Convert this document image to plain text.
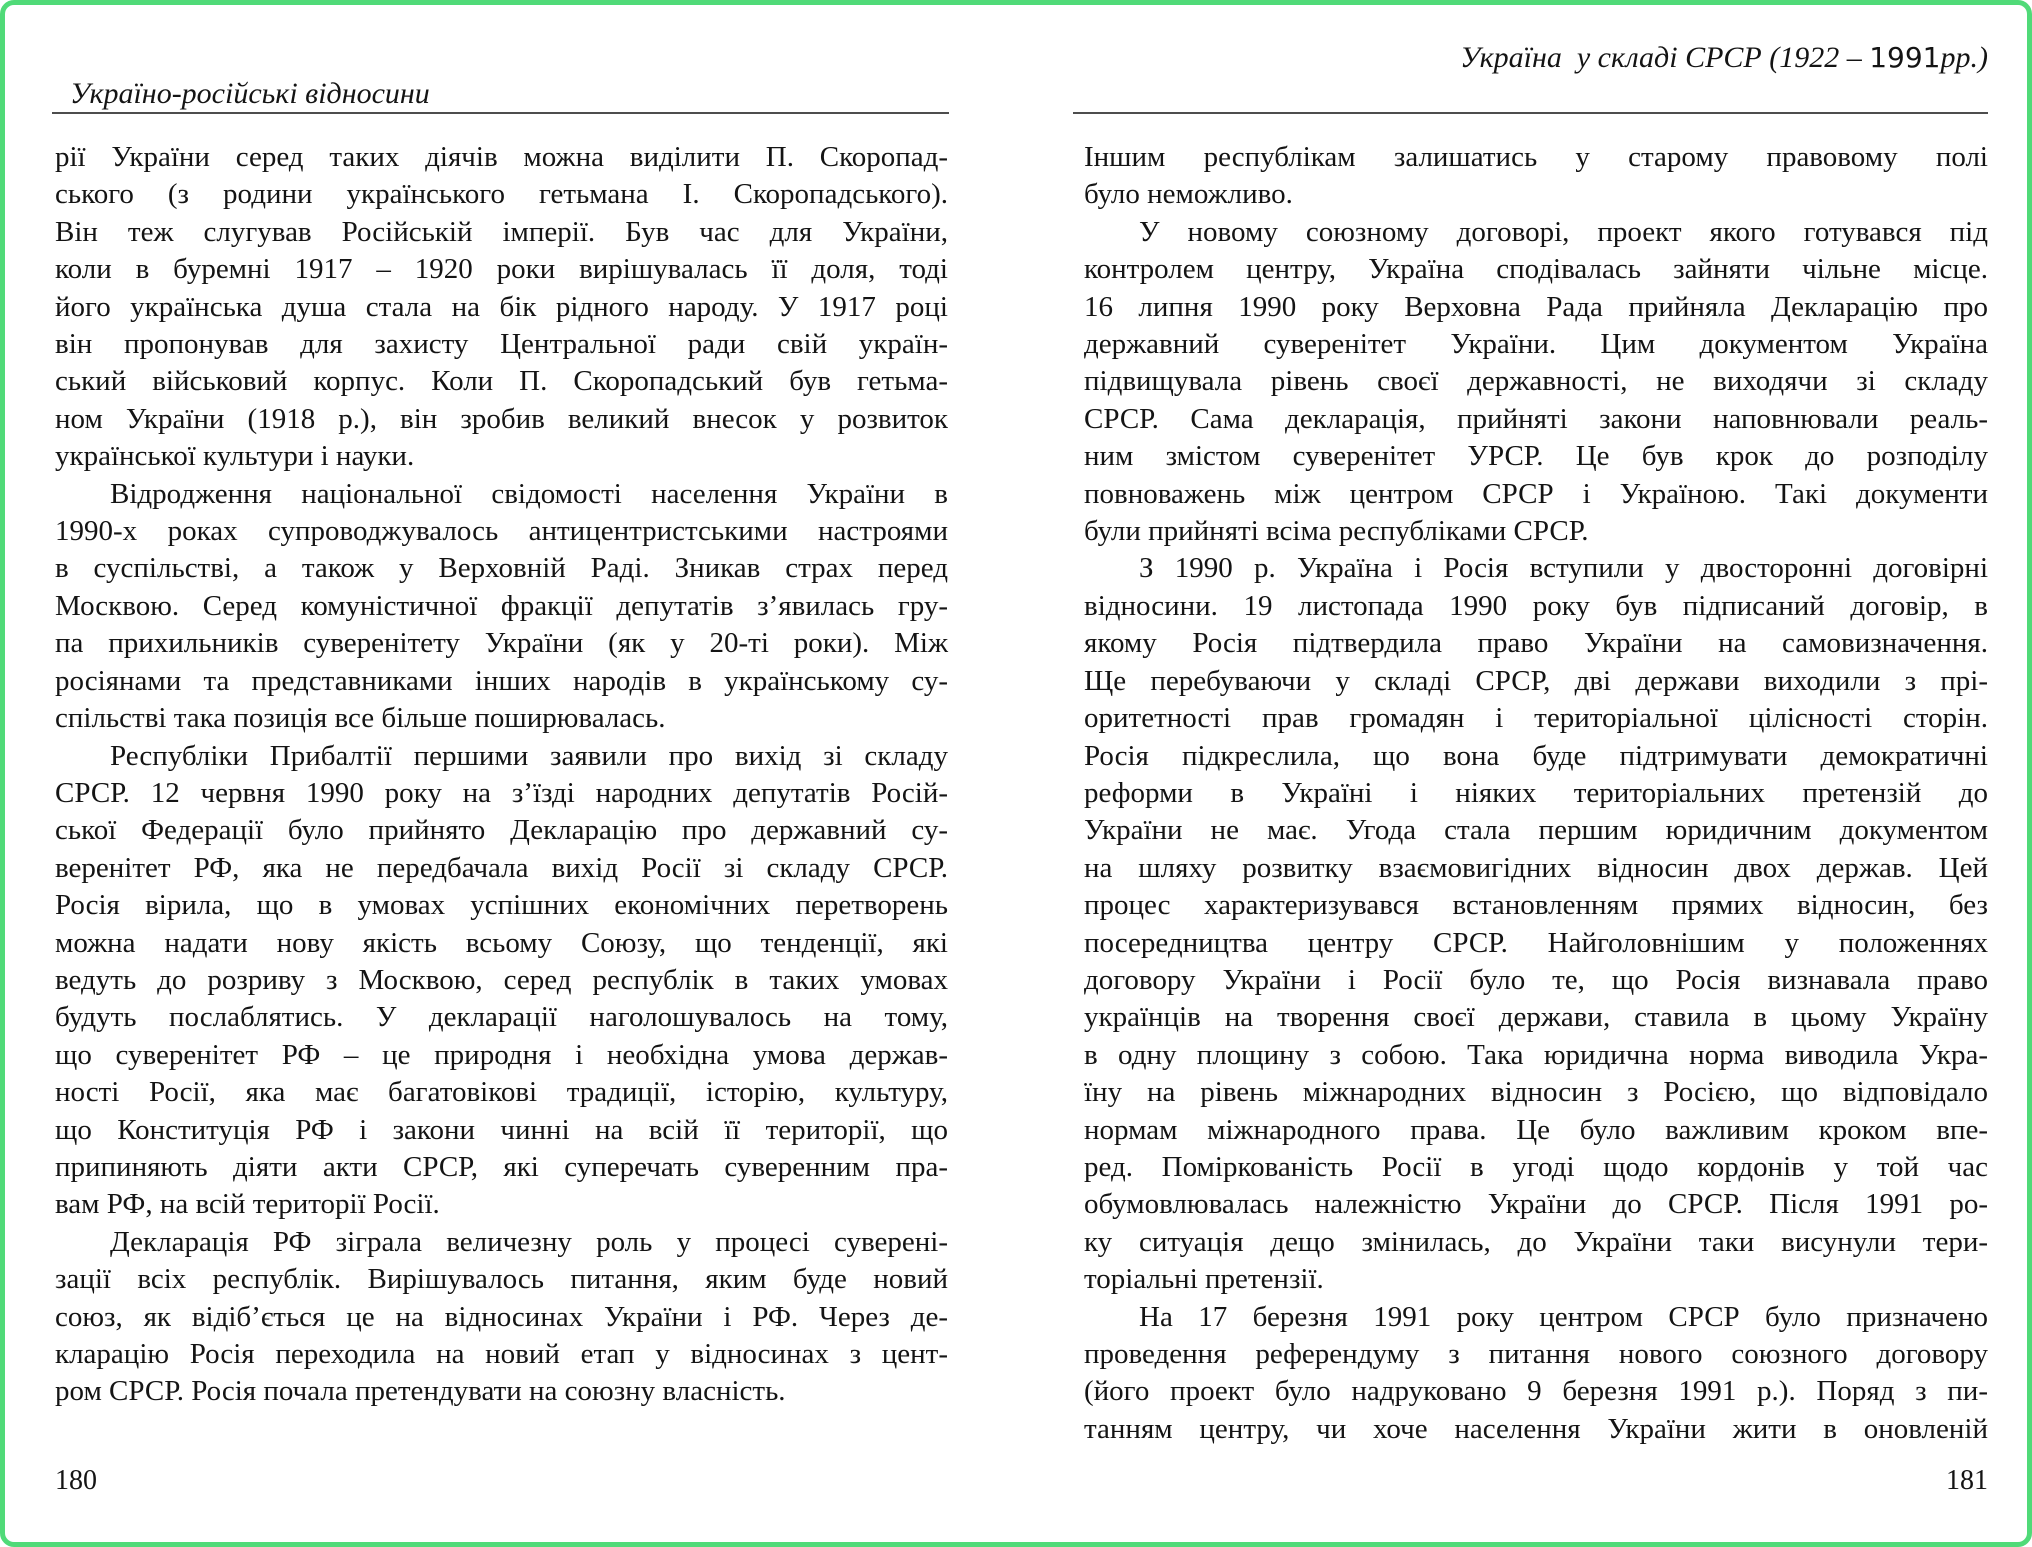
Україно-російські відносини

рії України серед таких діячів можна виділити П. Скоропад-
ського (з родини українського гетьмана І. Скоропадського).
Він теж слугував Російській імперії. Був час для України,
коли в буремні 1917 – 1920 роки вирішувалась її доля, тоді
його українська душа стала на бік рідного народу. У 1917 році
він пропонував для захисту Центральної ради свій україн-
ський військовий корпус. Коли П. Скоропадський був гетьма-
ном України (1918 р.), він зробив великий внесок у розвиток
української культури і науки.
Відродження національної свідомості населення України в
1990-х роках супроводжувалось антицентристськими настроями
в суспільстві, а також у Верховній Раді. Зникав страх перед
Москвою. Серед комуністичної фракції депутатів з’явилась гру-
па прихильників суверенітету України (як у 20-ті роки). Між
росіянами та представниками інших народів в українському су-
спільстві така позиція все більше поширювалась.
Республіки Прибалтії першими заявили про вихід зі складу
СРСР. 12 червня 1990 року на з’їзді народних депутатів Росій-
ської Федерації було прийнято Декларацію про державний су-
веренітет РФ, яка не передбачала вихід Росії зі складу СРСР.
Росія вірила, що в умовах успішних економічних перетворень
можна надати нову якість всьому Союзу, що тенденції, які
ведуть до розриву з Москвою, серед республік в таких умовах
будуть послаблятись. У декларації наголошувалось на тому,
що суверенітет РФ – це природня і необхідна умова держав-
ності Росії, яка має багатовікові традиції, історію, культуру,
що Конституція РФ і закони чинні на всій її території, що
припиняють діяти акти СРСР, які суперечать суверенним пра-
вам РФ, на всій території Росії.
Декларація РФ зіграла величезну роль у процесі суверені-
зації всіх республік. Вирішувалось питання, яким буде новий
союз, як відіб’ється це на відносинах України і РФ. Через де-
кларацію Росія переходила на новий етап у відносинах з цент-
ром СРСР. Росія почала претендувати на союзну власність.
180
Україна  у складі СРСР (1922 – 1991рр.)
Іншим республікам залишатись у старому правовому полі
було неможливо.
У новому союзному договорі, проект якого готувався під
контролем центру, Україна сподівалась зайняти чільне місце.
16 липня 1990 року Верховна Рада прийняла Декларацію про
державний суверенітет України. Цим документом Україна
підвищувала рівень своєї державності, не виходячи зі складу
СРСР. Сама декларація, прийняті закони наповнювали реаль-
ним змістом суверенітет УРСР. Це був крок до розподілу
повноважень між центром СРСР і Україною. Такі документи
були прийняті всіма республіками СРСР.
З 1990 р. Україна і Росія вступили у двосторонні договірні
відносини. 19 листопада 1990 року був підписаний договір, в
якому Росія підтвердила право України на самовизначення.
Ще перебуваючи у складі СРСР, дві держави виходили з прі-
оритетності прав громадян і територіальної цілісності сторін.
Росія підкреслила, що вона буде підтримувати демократичні
реформи в Україні і ніяких територіальних претензій до
України не має. Угода стала першим юридичним документом
на шляху розвитку взаємовигідних відносин двох держав. Цей
процес характеризувався встановленням прямих відносин, без
посередництва центру СРСР. Найголовнішим у положеннях
договору України і Росії було те, що Росія визнавала право
українців на творення своєї держави, ставила в цьому Україну
в одну площину з собою. Така юридична норма виводила Укра-
їну на рівень міжнародних відносин з Росією, що відповідало
нормам міжнародного права. Це було важливим кроком впе-
ред. Поміркованість Росії в угоді щодо кордонів у той час
обумовлювалась належністю України до СРСР. Після 1991 ро-
ку ситуація дещо змінилась, до України таки висунули тери-
торіальні претензії.
На 17 березня 1991 року центром СРСР було призначено
проведення референдуму з питання нового союзного договору
(його проект було надруковано 9 березня 1991 р.). Поряд з пи-
танням центру, чи хоче населення України жити в оновленій
181
